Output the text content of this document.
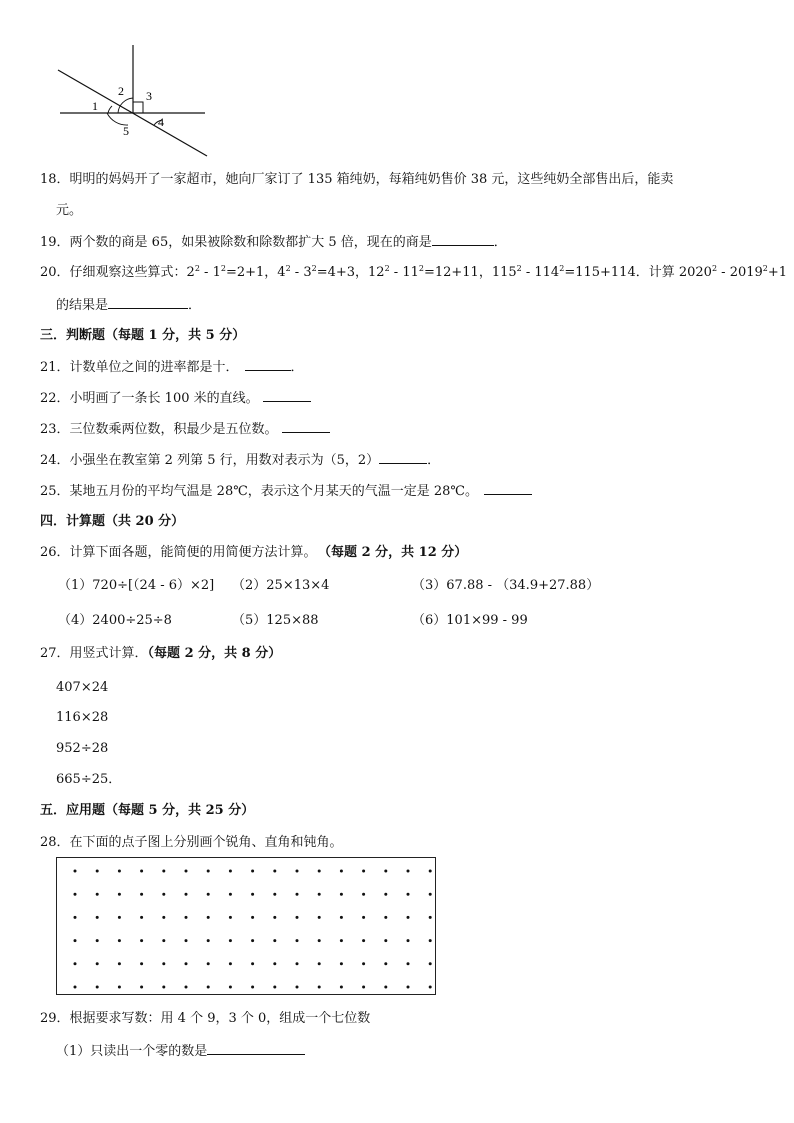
1
2 3
4
5
18．明明的妈妈开了一家超市，她向厂家订了 135 箱纯奶，每箱纯奶售价 38 元，这些纯奶全部售出后，能卖
元。
19．两个数的商是 65，如果被除数和除数都扩大 5 倍，现在的商是	．
20．仔细观察这些算式：$2^2 - 1^2=2+1$，$4^2 - 3^2=4+3$，$12^2 - 11^2=12+11$，$115^2 - 114^2=115+114$．计算 $2020^2 - 2019^2+1$
的结果是	．
三．判断题（每题 1 分，共 5 分）
21．计数单位之间的进率都是十．	．
22．小明画了一条长 100 米的直线。
23．三位数乘两位数，积最少是五位数。
24．小强坐在教室第 2 列第 5 行，用数对表示为（5，2）	．
25．某地五月份的平均气温是 28℃，表示这个月某天的气温一定是 28℃。
四．计算题（共 20 分）
26．计算下面各题，能简便的用简便方法计算。 （每题 2 分，共 12 分）
（1）720÷[（24 - 6）×2] （2）25×13×4	（3）67.88 - （34.9+27.88）
（4）2400÷25÷8	（5）125×88	（6）101×99 - 99
27．用竖式计算．（每题 2 分，共 8 分）
407×24
116×28
952÷28
665÷25．
五．应用题（每题 5 分，共 25 分）
28．在下面的点子图上分别画个锐角、直角和钝角。
29．根据要求写数：用 4 个 9，3 个 0，组成一个七位数
（1）只读出一个零的数是
